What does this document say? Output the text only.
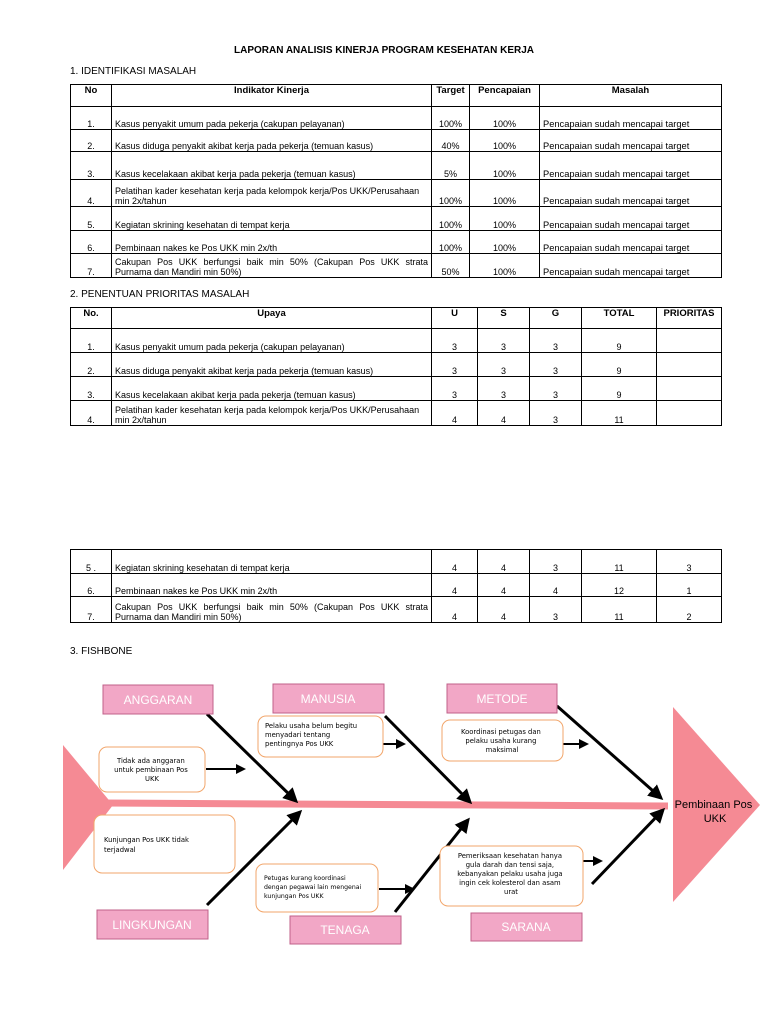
LAPORAN ANALISIS KINERJA PROGRAM KESEHATAN KERJA
1. IDENTIFIKASI MASALAH
No	Indikator Kinerja	Target	Pencapaian	Masalah
1.	Kasus penyakit umum pada pekerja (cakupan pelayanan)	100%	100%	Pencapaian sudah mencapai target
2.	Kasus diduga penyakit akibat kerja pada pekerja (temuan kasus)	40%	100%	Pencapaian sudah mencapai target
3.	Kasus kecelakaan akibat kerja pada pekerja (temuan kasus)	5%	100%	Pencapaian sudah mencapai target
4.	Pelatihan kader kesehatan kerja pada kelompok kerja/Pos UKK/Perusahaan min 2x/tahun	100%	100%	Pencapaian sudah mencapai target
5.	Kegiatan skrining kesehatan di tempat kerja	100%	100%	Pencapaian sudah mencapai target
6.	Pembinaan nakes ke Pos UKK min 2x/th	100%	100%	Pencapaian sudah mencapai target
7.	Cakupan Pos UKK berfungsi baik min 50% (Cakupan Pos UKK strata Purnama dan Mandiri min 50%)	50%	100%	Pencapaian sudah mencapai target
2. PENENTUAN PRIORITAS MASALAH
No.	Upaya	U	S	G	TOTAL	PRIORITAS
1.	Kasus penyakit umum pada pekerja (cakupan pelayanan)	3	3	3	9	
2.	Kasus diduga penyakit akibat kerja pada pekerja (temuan kasus)	3	3	3	9	
3.	Kasus kecelakaan akibat kerja pada pekerja (temuan kasus)	3	3	3	9	
4.	Pelatihan kader kesehatan kerja pada kelompok kerja/Pos UKK/Perusahaan min 2x/tahun	4	4	3	11	
5 .	Kegiatan skrining kesehatan di tempat kerja	4	4	3	11	3
6.	Pembinaan nakes ke Pos UKK min 2x/th	4	4	4	12	1
7.	Cakupan Pos UKK berfungsi baik min 50% (Cakupan Pos UKK strata Purnama dan Mandiri min 50%)	4	4	3	11	2
3. FISHBONE
Pembinaan Pos UKK
ANGGARAN	MANUSIA	METODE
LINGKUNGAN	TENAGA	SARANA
Tidak ada anggaran untuk pembinaan Pos UKK
Pelaku usaha belum begitu menyadari tentang pentingnya Pos UKK
Koordinasi petugas dan pelaku usaha kurang maksimal
Kunjungan Pos UKK tidak terjadwal
Petugas kurang koordinasi dengan pegawai lain mengenai kunjungan Pos UKK
Pemeriksaan kesehatan hanya gula darah dan tensi saja, kebanyakan pelaku usaha juga ingin cek kolesterol dan asam urat
